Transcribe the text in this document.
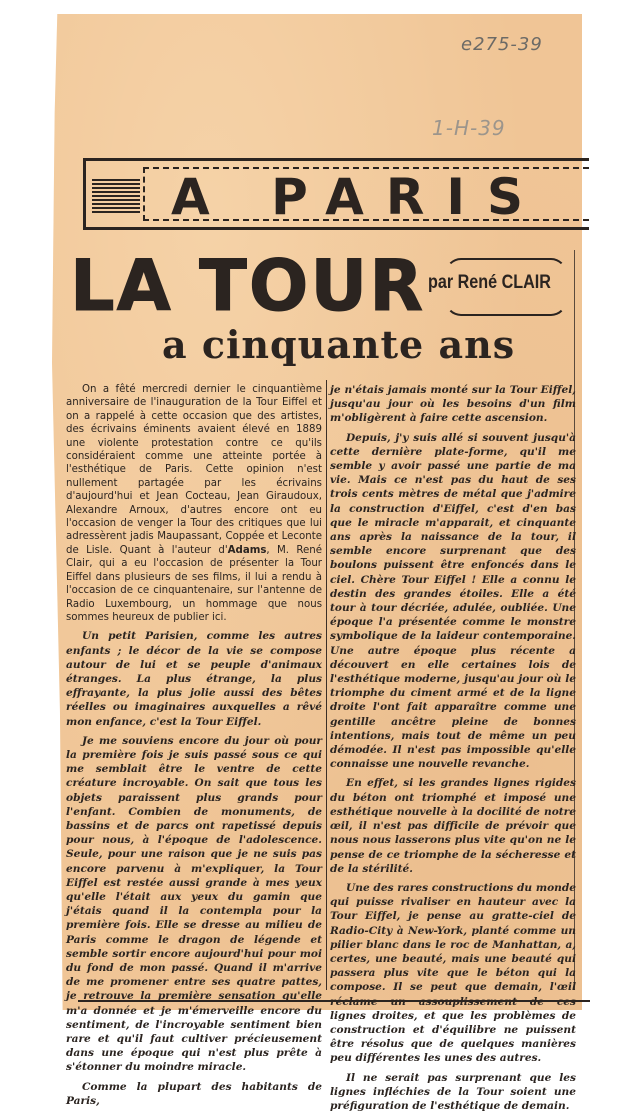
e275-39
1-H-39
A PARIS
LA TOUR par René CLAIR
a cinquante ans

On a fêté mercredi dernier le cinquantième anniversaire de l'inauguration de la Tour Eiffel et on a rappelé à cette occasion que des artistes, des écrivains éminents avaient élevé en 1889 une violente protestation contre ce qu'ils considéraient comme une atteinte portée à l'esthétique de Paris. Cette opinion n'est nullement partagée par les écrivains d'aujourd'hui et Jean Cocteau, Jean Giraudoux, Alexandre Arnoux, d'autres encore ont eu l'occasion de venger la Tour des critiques que lui adressèrent jadis Maupassant, Coppée et Leconte de Lisle. Quant à l'auteur d'Adams, M. René Clair, qui a eu l'occasion de présenter la Tour Eiffel dans plusieurs de ses films, il lui a rendu à l'occasion de ce cinquantenaire, sur l'antenne de Radio Luxembourg, un hommage que nous sommes heureux de publier ici.

Un petit Parisien, comme les autres enfants ; le décor de la vie se compose autour de lui et se peuple d'animaux étranges. La plus étrange, la plus effrayante, la plus jolie aussi des bêtes réelles ou imaginaires auxquelles a rêvé mon enfance, c'est la Tour Eiffel.

Je me souviens encore du jour où pour la première fois je suis passé sous ce qui me semblait être le ventre de cette créature incroyable. On sait que tous les objets paraissent plus grands pour l'enfant. Combien de monuments, de bassins et de parcs ont rapetissé depuis pour nous, à l'époque de l'adolescence. Seule, pour une raison que je ne suis pas encore parvenu à m'expliquer, la Tour Eiffel est restée aussi grande à mes yeux qu'elle l'était aux yeux du gamin que j'étais quand il la contempla pour la première fois. Elle se dresse au milieu de Paris comme le dragon de légende et semble sortir encore aujourd'hui pour moi du fond de mon passé. Quand il m'arrive de me promener entre ses quatre pattes, je retrouve la première sensation qu'elle m'a donnée et je m'émerveille encore du sentiment, de l'incroyable sentiment bien rare et qu'il faut cultiver précieusement dans une époque qui n'est plus prête à s'étonner du moindre miracle.

Comme la plupart des habitants de Paris,

je n'étais jamais monté sur la Tour Eiffel, jusqu'au jour où les besoins d'un film m'obligèrent à faire cette ascension.

Depuis, j'y suis allé si souvent jusqu'à cette dernière plate-forme, qu'il me semble y avoir passé une partie de ma vie. Mais ce n'est pas du haut de ses trois cents mètres de métal que j'admire la construction d'Eiffel, c'est d'en bas que le miracle m'apparait, et cinquante ans après la naissance de la tour, il semble encore surprenant que des boulons puissent être enfoncés dans le ciel. Chère Tour Eiffel ! Elle a connu le destin des grandes étoiles. Elle a été tour à tour décriée, adulée, oubliée. Une époque l'a présentée comme le monstre symbolique de la laideur contemporaine. Une autre époque plus récente a découvert en elle certaines lois de l'esthétique moderne, jusqu'au jour où le triomphe du ciment armé et de la ligne droite l'ont fait apparaître comme une gentille ancêtre pleine de bonnes intentions, mais tout de même un peu démodée. Il n'est pas impossible qu'elle connaisse une nouvelle revanche.

En effet, si les grandes lignes rigides du béton ont triomphé et imposé une esthétique nouvelle à la docilité de notre œil, il n'est pas difficile de prévoir que nous nous lasserons plus vite qu'on ne le pense de ce triomphe de la sécheresse et de la stérilité.

Une des rares constructions du monde qui puisse rivaliser en hauteur avec la Tour Eiffel, je pense au gratte-ciel de Radio-City à New-York, planté comme un pilier blanc dans le roc de Manhattan, a, certes, une beauté, mais une beauté qui passera plus vite que le béton qui la compose. Il se peut que demain, l'œil réclame un assouplissement de ces lignes droites, et que les problèmes de construction et d'équilibre ne puissent être résolus que de quelques manières peu différentes les unes des autres.

Il ne serait pas surprenant que les lignes infléchies de la Tour soient une préfiguration de l'esthétique de demain.
